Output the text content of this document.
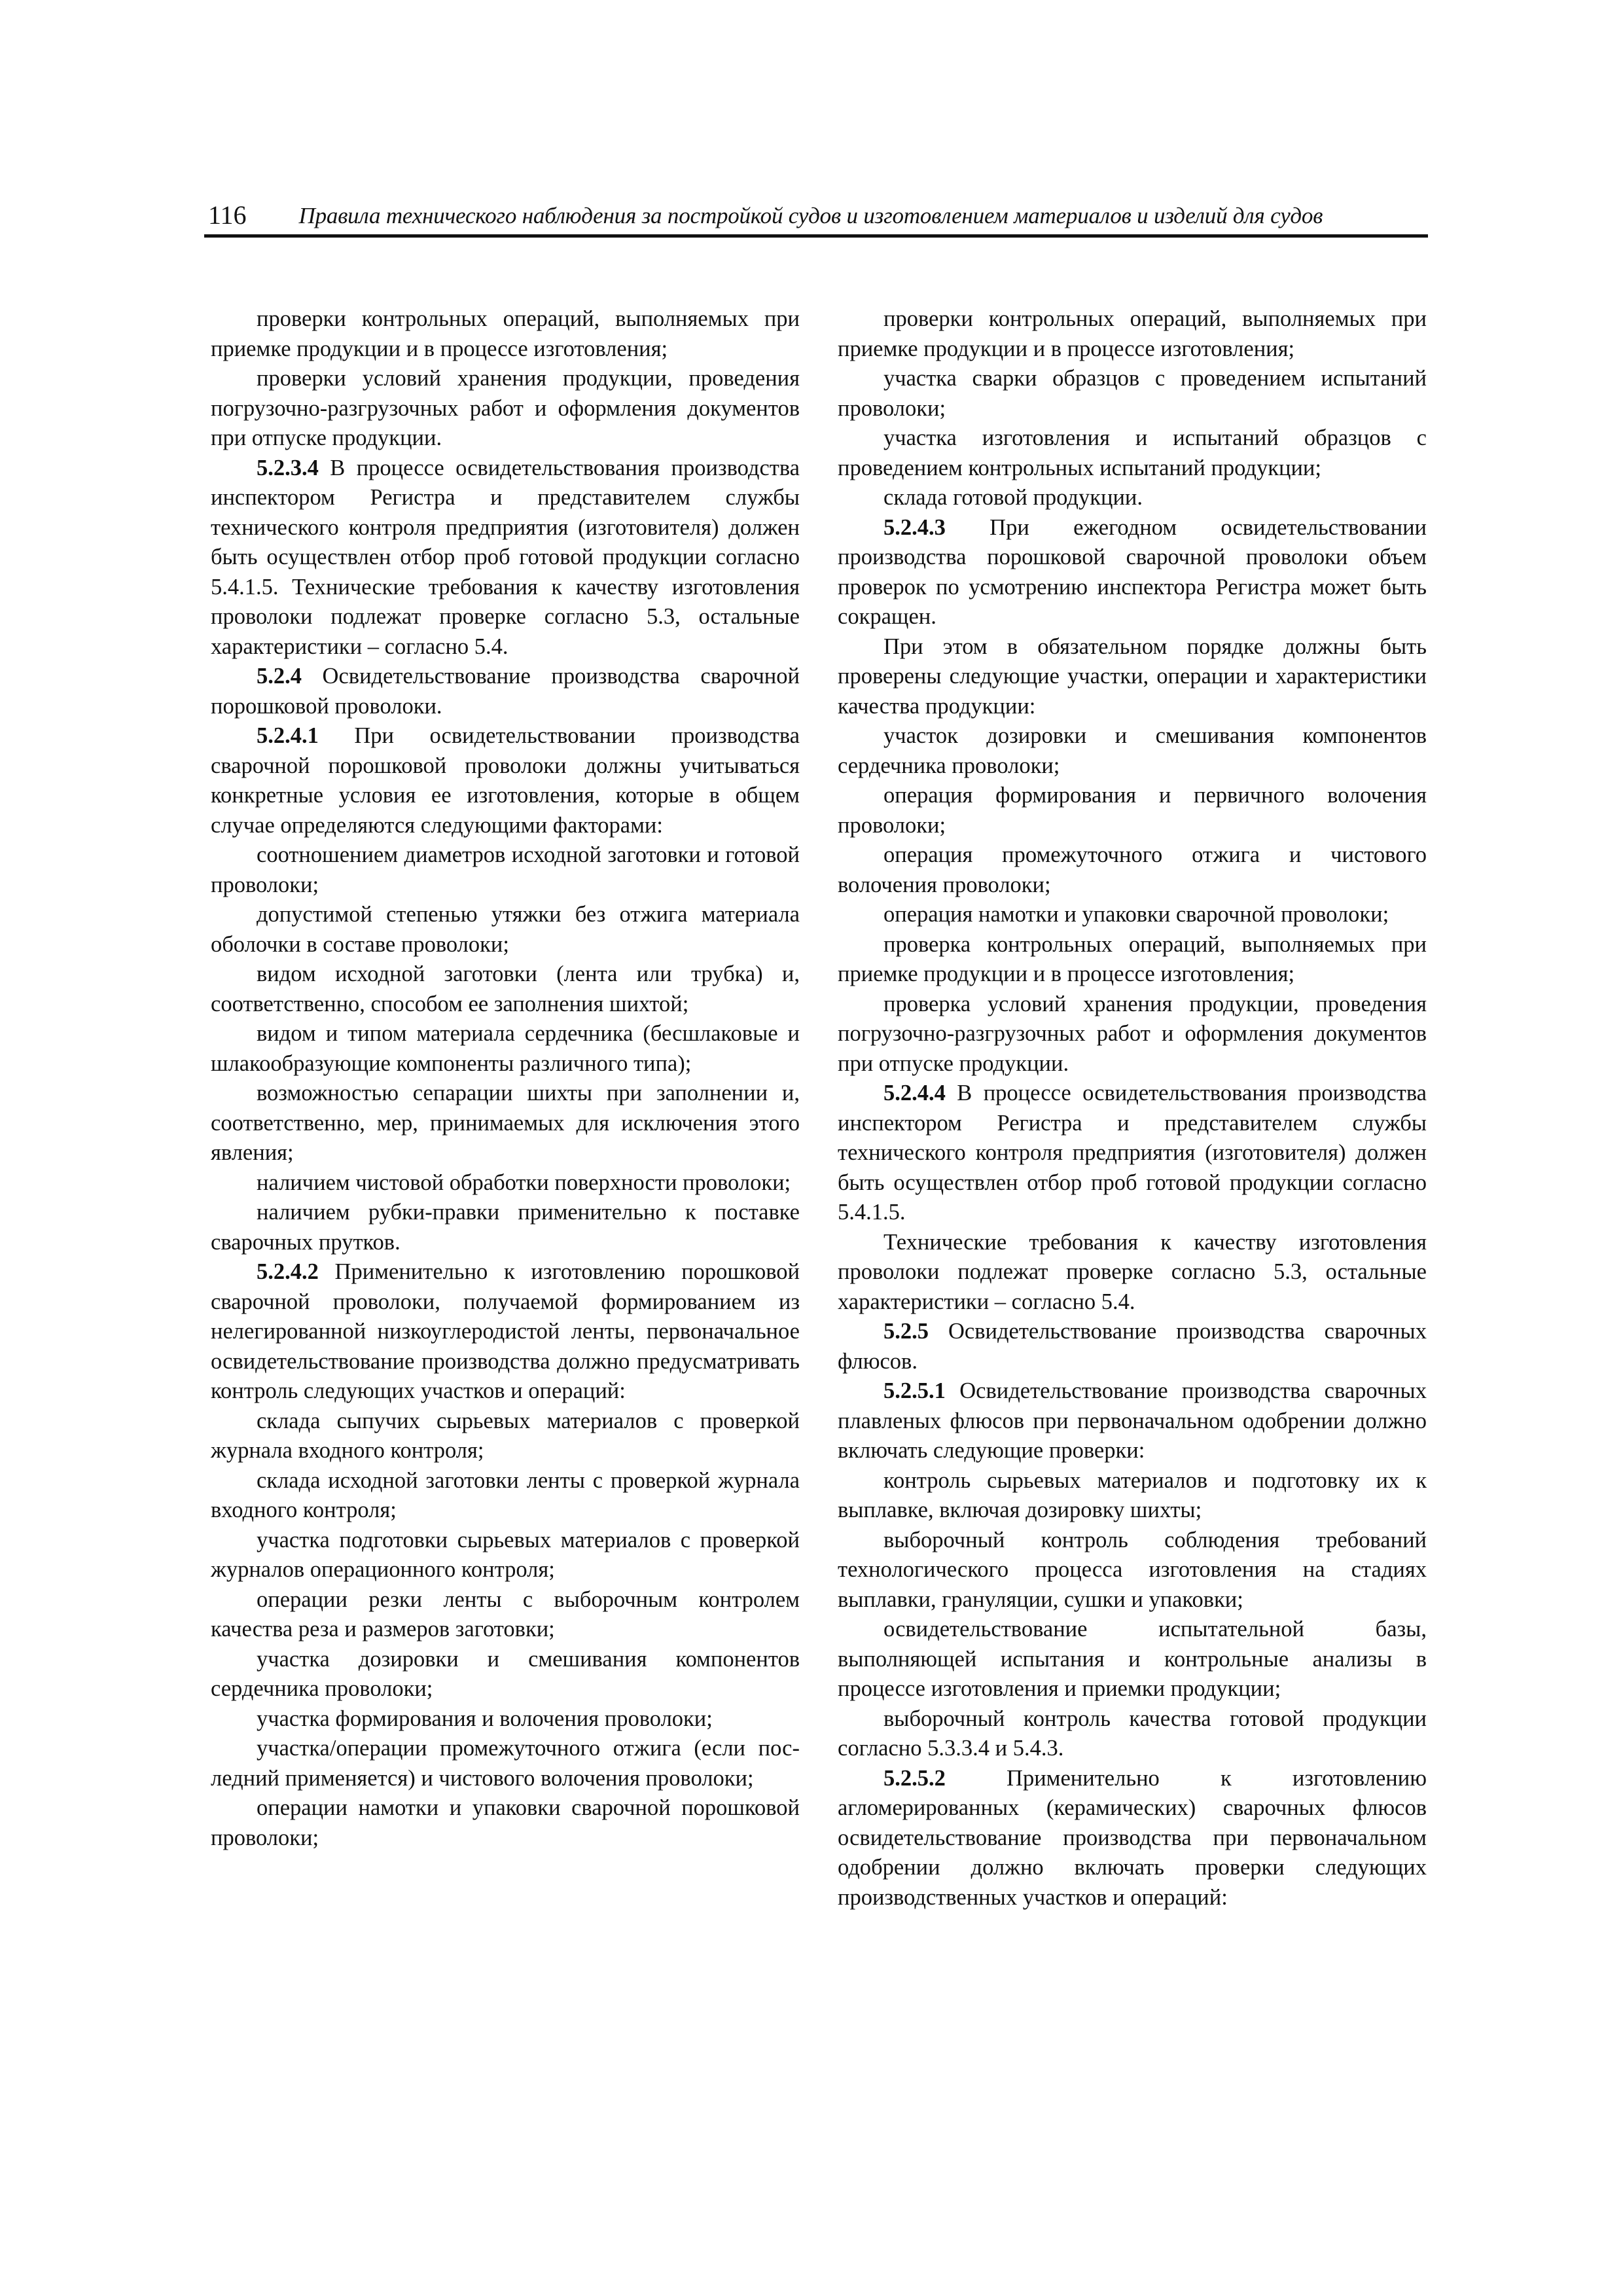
116 Правила технического наблюдения за постройкой судов и изготовлением материалов и изделий для судов

проверки контрольных операций, выполняемых при приемке продукции и в процессе изготовления;

проверки условий хранения продукции, проведения погрузочно-разгрузочных работ и оформления документов при отпуске продукции.

5.2.3.4 В процессе освидетельствования производства инспектором Регистра и представителем службы технического контроля предприятия (изготовителя) должен быть осуществлен отбор проб готовой продукции согласно 5.4.1.5. Технические требования к качеству изготовления проволоки подлежат проверке согласно 5.3, остальные характеристики – согласно 5.4.

5.2.4 Освидетельствование производства сварочной порошковой проволоки.

5.2.4.1 При освидетельствовании производства сварочной порошковой проволоки должны учитываться конкретные условия ее изготовления, которые в общем случае определяются следующими факторами:

соотношением диаметров исходной заготовки и готовой проволоки;

допустимой степенью утяжки без отжига материала оболочки в составе проволоки;

видом исходной заготовки (лента или трубка) и, соответственно, способом ее заполнения шихтой;

видом и типом материала сердечника (бесшлаковые и шлакообразующие компоненты различного типа);

возможностью сепарации шихты при заполнении и, соответственно, мер, принимаемых для исключения этого явления;

наличием чистовой обработки поверхности проволоки;

наличием рубки-правки применительно к поставке сварочных прутков.

5.2.4.2 Применительно к изготовлению порошковой сварочной проволоки, получаемой формированием из нелегированной низкоуглеродистой ленты, первоначальное освидетельствование производства должно предусматривать контроль следующих участков и операций:

склада сыпучих сырьевых материалов с проверкой журнала входного контроля;

склада исходной заготовки ленты с проверкой журнала входного контроля;

участка подготовки сырьевых материалов с проверкой журналов операционного контроля;

операции резки ленты с выборочным контролем качества реза и размеров заготовки;

участка дозировки и смешивания компонентов сердечника проволоки;

участка формирования и волочения проволоки;

участка/операции промежуточного отжига (если последний применяется) и чистового волочения проволоки;

операции намотки и упаковки сварочной порошковой проволоки;

проверки контрольных операций, выполняемых при приемке продукции и в процессе изготовления;

участка сварки образцов с проведением испытаний проволоки;

участка изготовления и испытаний образцов с проведением контрольных испытаний продукции;

склада готовой продукции.

5.2.4.3 При ежегодном освидетельствовании производства порошковой сварочной проволоки объем проверок по усмотрению инспектора Регистра может быть сокращен.

При этом в обязательном порядке должны быть проверены следующие участки, операции и характеристики качества продукции:

участок дозировки и смешивания компонентов сердечника проволоки;

операция формирования и первичного волочения проволоки;

операция промежуточного отжига и чистового волочения проволоки;

операция намотки и упаковки сварочной проволоки;

проверка контрольных операций, выполняемых при приемке продукции и в процессе изготовления;

проверка условий хранения продукции, проведения погрузочно-разгрузочных работ и оформления документов при отпуске продукции.

5.2.4.4 В процессе освидетельствования производства инспектором Регистра и представителем службы технического контроля предприятия (изготовителя) должен быть осуществлен отбор проб готовой продукции согласно 5.4.1.5.

Технические требования к качеству изготовления проволоки подлежат проверке согласно 5.3, остальные характеристики – согласно 5.4.

5.2.5 Освидетельствование производства сварочных флюсов.

5.2.5.1 Освидетельствование производства сварочных плавленых флюсов при первоначальном одобрении должно включать следующие проверки:

контроль сырьевых материалов и подготовку их к выплавке, включая дозировку шихты;

выборочный контроль соблюдения требований технологического процесса изготовления на стадиях выплавки, грануляции, сушки и упаковки;

освидетельствование испытательной базы, выполняющей испытания и контрольные анализы в процессе изготовления и приемки продукции;

выборочный контроль качества готовой продукции согласно 5.3.3.4 и 5.4.3.

5.2.5.2 Применительно к изготовлению агломерированных (керамических) сварочных флюсов освидетельствование производства при первоначальном одобрении должно включать проверки следующих производственных участков и операций:
